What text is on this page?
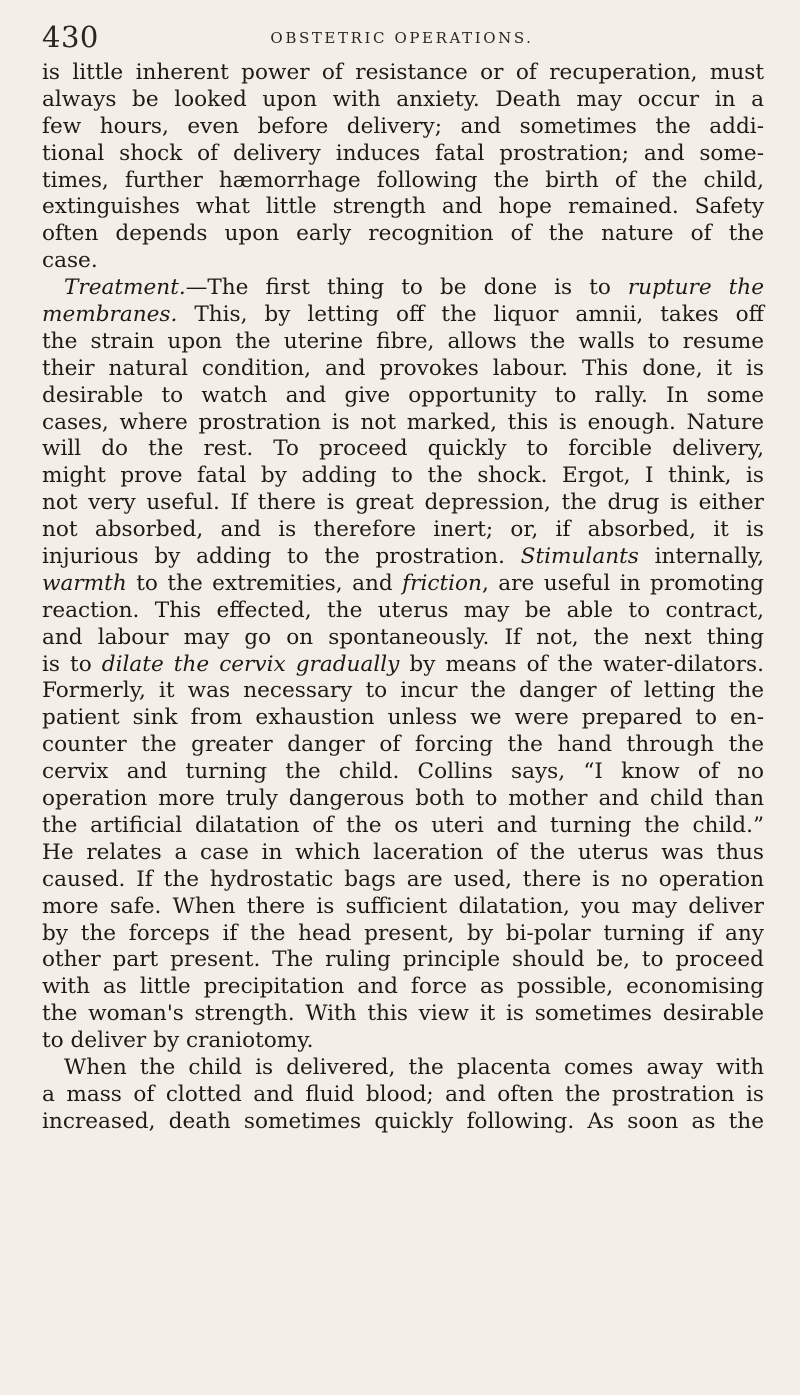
430	OBSTETRIC OPERATIONS.
is little inherent power of resistance or of recuperation, must
always be looked upon with anxiety. Death may occur in a
few hours, even before delivery; and sometimes the addi-
tional shock of delivery induces fatal prostration; and some-
times, further hæmorrhage following the birth of the child,
extinguishes what little strength and hope remained. Safety
often depends upon early recognition of the nature of the
case.
Treatment.—The first thing to be done is to rupture the
membranes. This, by letting off the liquor amnii, takes off
the strain upon the uterine fibre, allows the walls to resume
their natural condition, and provokes labour. This done, it is
desirable to watch and give opportunity to rally. In some
cases, where prostration is not marked, this is enough. Nature
will do the rest. To proceed quickly to forcible delivery,
might prove fatal by adding to the shock. Ergot, I think, is
not very useful. If there is great depression, the drug is either
not absorbed, and is therefore inert; or, if absorbed, it is
injurious by adding to the prostration. Stimulants internally,
warmth to the extremities, and friction, are useful in promoting
reaction. This effected, the uterus may be able to contract,
and labour may go on spontaneously. If not, the next thing
is to dilate the cervix gradually by means of the water-dilators.
Formerly, it was necessary to incur the danger of letting the
patient sink from exhaustion unless we were prepared to en-
counter the greater danger of forcing the hand through the
cervix and turning the child. Collins says, “I know of no
operation more truly dangerous both to mother and child than
the artificial dilatation of the os uteri and turning the child.”
He relates a case in which laceration of the uterus was thus
caused. If the hydrostatic bags are used, there is no operation
more safe. When there is sufficient dilatation, you may deliver
by the forceps if the head present, by bi-polar turning if any
other part present. The ruling principle should be, to proceed
with as little precipitation and force as possible, economising
the woman's strength. With this view it is sometimes desirable
to deliver by craniotomy.
When the child is delivered, the placenta comes away with
a mass of clotted and fluid blood; and often the prostration is
increased, death sometimes quickly following. As soon as the
